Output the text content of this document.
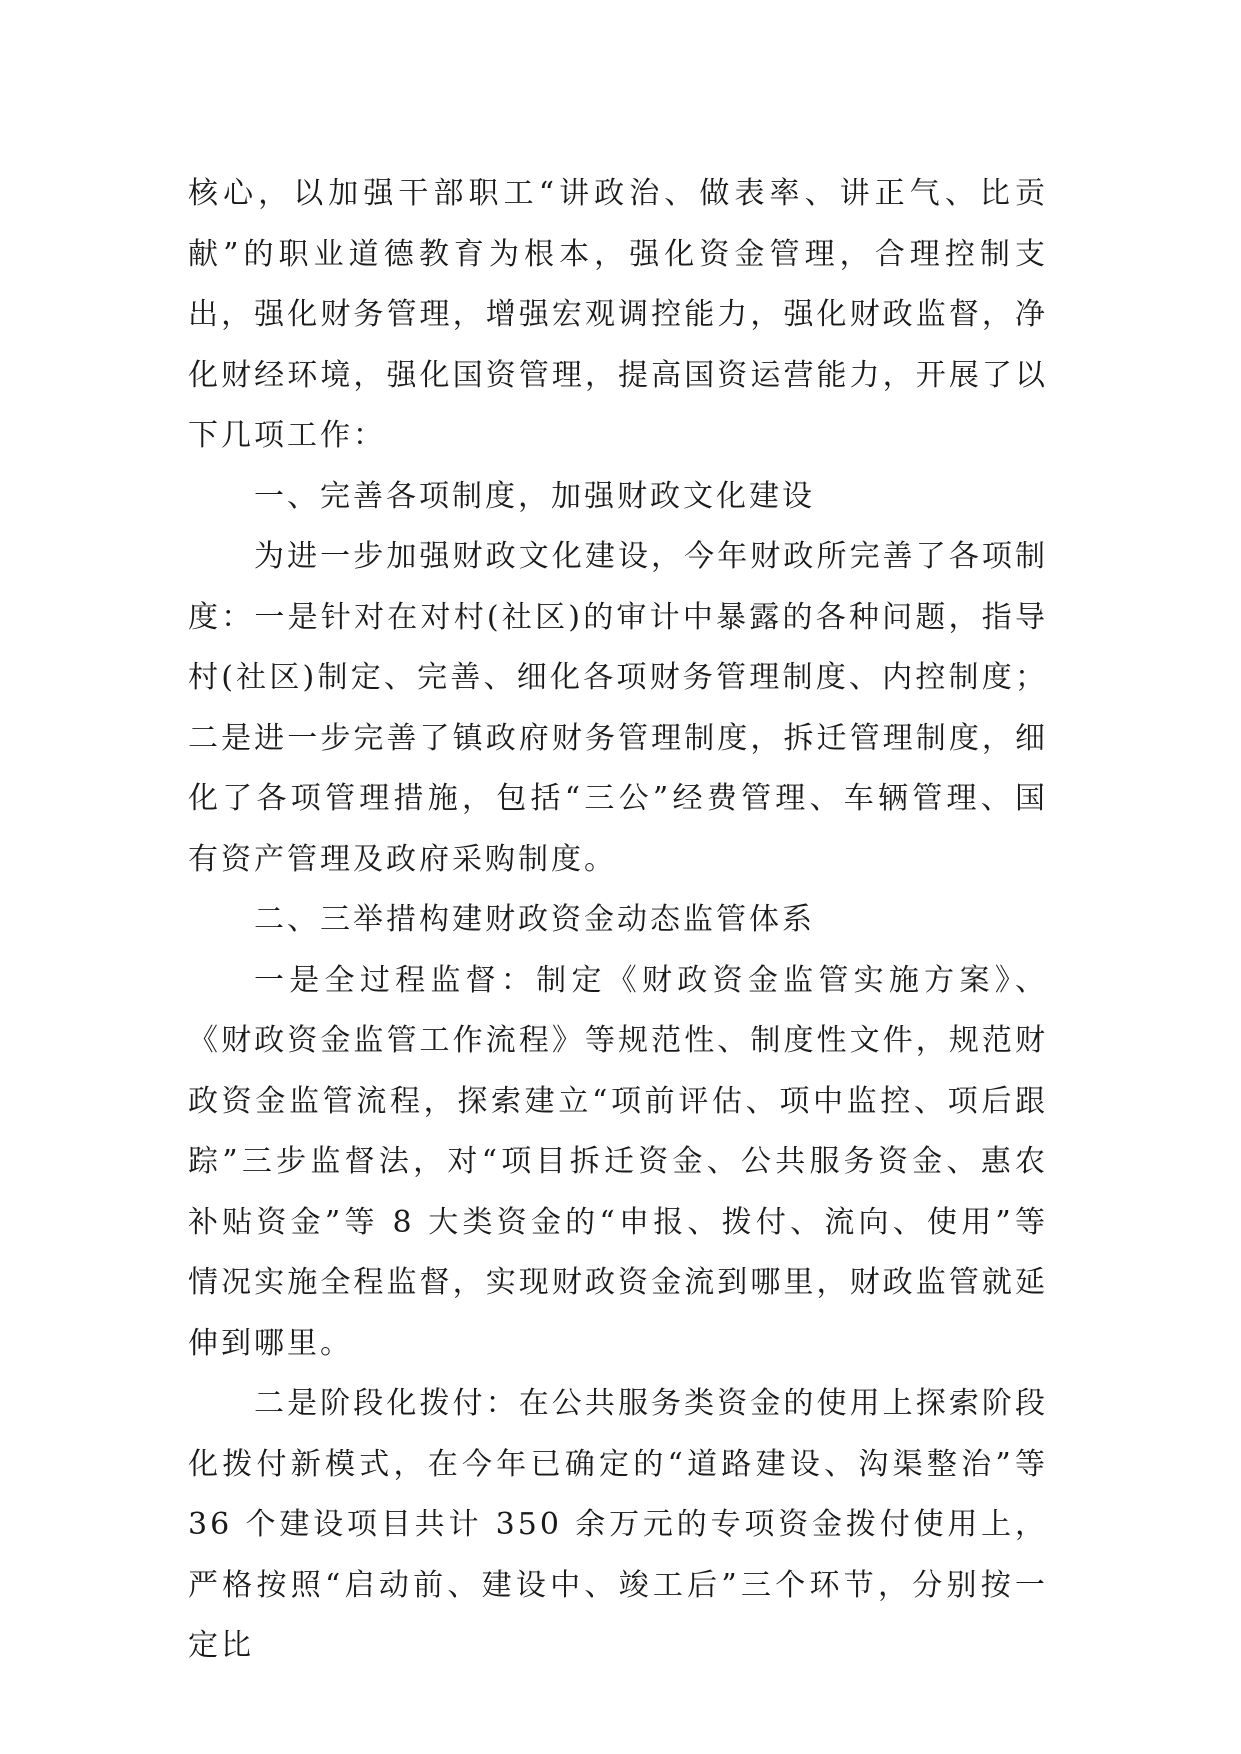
核心，以加强干部职工“讲政治、做表率、讲正气、比贡献”的职业道德教育为根本，强化资金管理，合理控制支出，强化财务管理，增强宏观调控能力，强化财政监督，净化财经环境，强化国资管理，提高国资运营能力，开展了以下几项工作：

一、完善各项制度，加强财政文化建设

为进一步加强财政文化建设，今年财政所完善了各项制度：一是针对在对村(社区)的审计中暴露的各种问题，指导村(社区)制定、完善、细化各项财务管理制度、内控制度；二是进一步完善了镇政府财务管理制度，拆迁管理制度，细化了各项管理措施，包括“三公”经费管理、车辆管理、国有资产管理及政府采购制度。

二、三举措构建财政资金动态监管体系

一是全过程监督：制定《财政资金监管实施方案》、《财政资金监管工作流程》等规范性、制度性文件，规范财政资金监管流程，探索建立“项前评估、项中监控、项后跟踪”三步监督法，对“项目拆迁资金、公共服务资金、惠农补贴资金”等 8 大类资金的“申报、拨付、流向、使用”等情况实施全程监督，实现财政资金流到哪里，财政监管就延伸到哪里。

二是阶段化拨付：在公共服务类资金的使用上探索阶段化拨付新模式，在今年已确定的“道路建设、沟渠整治”等 36 个建设项目共计 350 余万元的专项资金拨付使用上，严格按照“启动前、建设中、竣工后”三个环节，分别按一定比
